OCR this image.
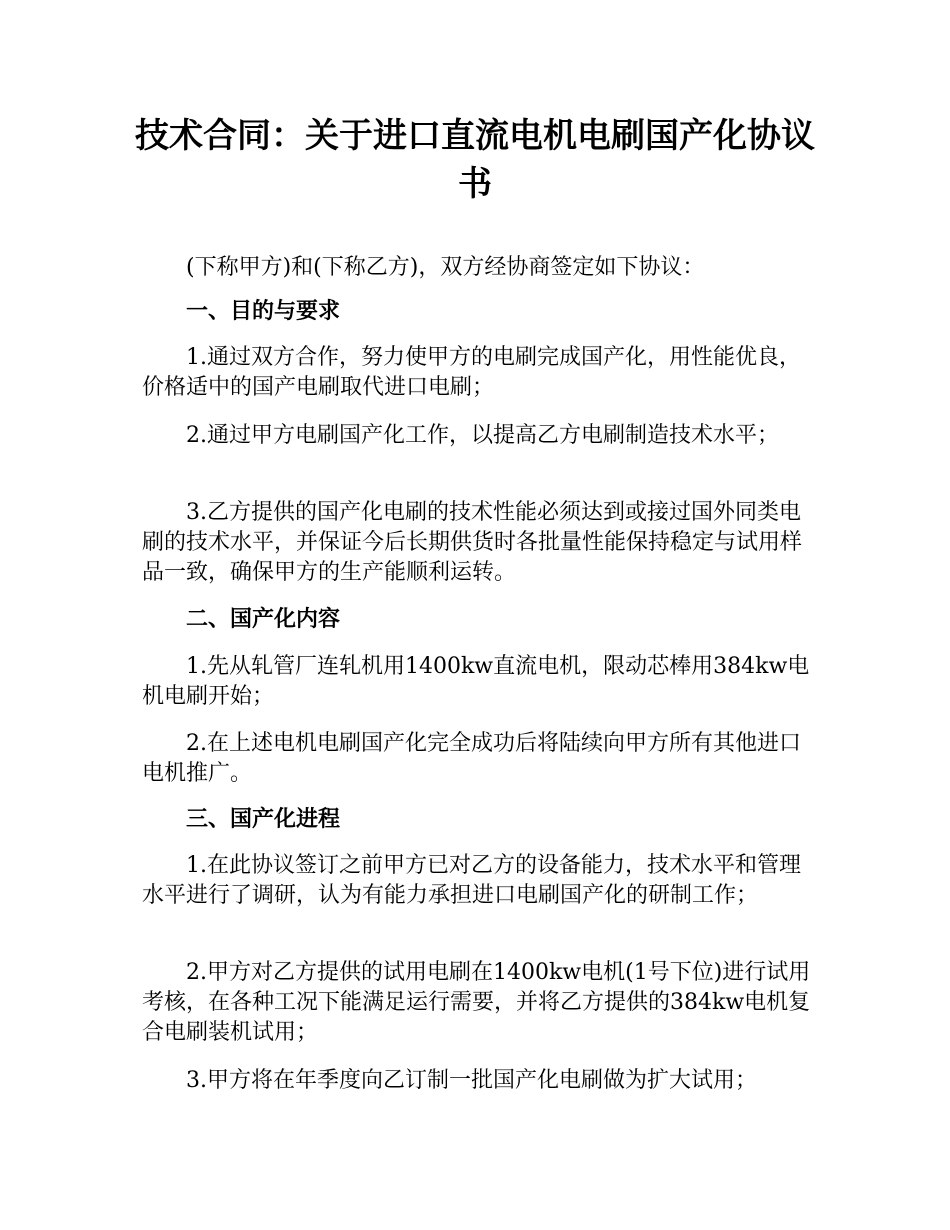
技术合同：关于进口直流电机电刷国产化协议书

(下称甲方)和(下称乙方)，双方经协商签定如下协议：

一、目的与要求

1.通过双方合作，努力使甲方的电刷完成国产化，用性能优良，价格适中的国产电刷取代进口电刷；

2.通过甲方电刷国产化工作，以提高乙方电刷制造技术水平；

3.乙方提供的国产化电刷的技术性能必须达到或接过国外同类电刷的技术水平，并保证今后长期供货时各批量性能保持稳定与试用样品一致，确保甲方的生产能顺利运转。

二、国产化内容

1.先从轧管厂连轧机用1400kw直流电机，限动芯棒用384kw电机电刷开始；

2.在上述电机电刷国产化完全成功后将陆续向甲方所有其他进口电机推广。

三、国产化进程

1.在此协议签订之前甲方已对乙方的设备能力，技术水平和管理水平进行了调研，认为有能力承担进口电刷国产化的研制工作；

2.甲方对乙方提供的试用电刷在1400kw电机(1号下位)进行试用考核，在各种工况下能满足运行需要，并将乙方提供的384kw电机复合电刷装机试用；

3.甲方将在年季度向乙订制一批国产化电刷做为扩大试用；
